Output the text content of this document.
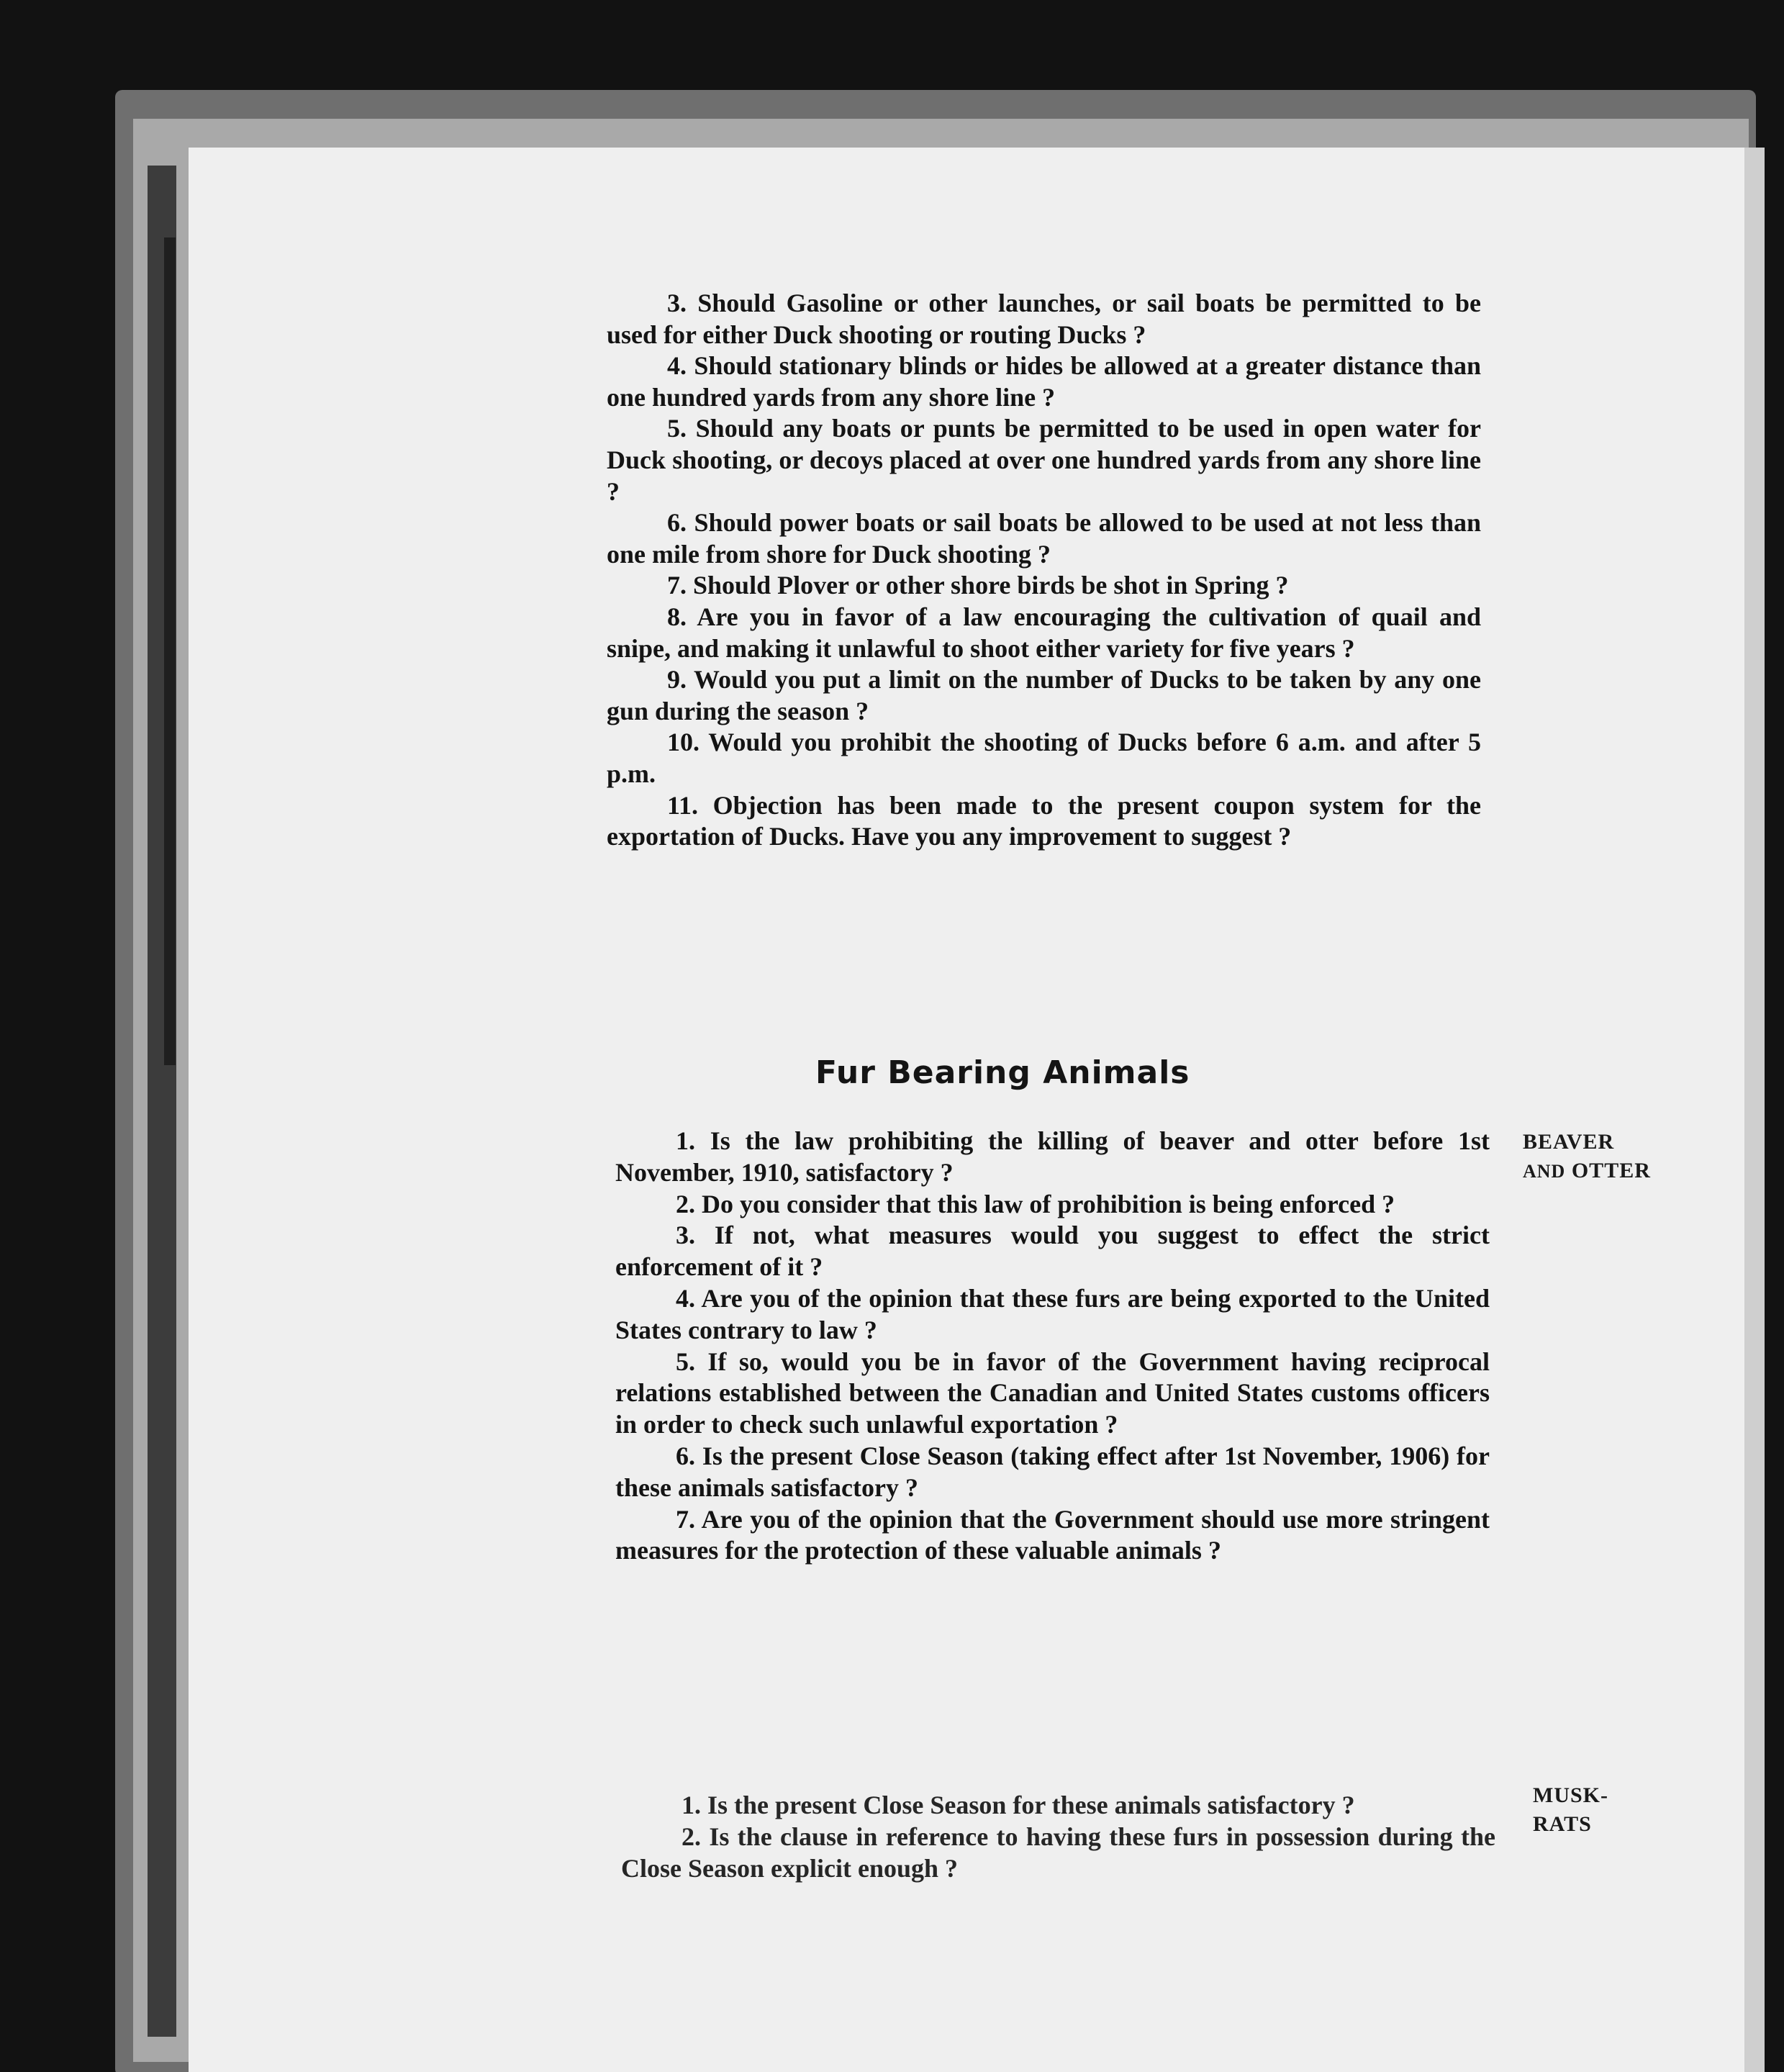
3. Should Gasoline or other launches, or sail boats be permitted to be used for either Duck shooting or routing Ducks ?

4. Should stationary blinds or hides be allowed at a greater distance than one hundred yards from any shore line ?

5. Should any boats or punts be permitted to be used in open water for Duck shooting, or decoys placed at over one hundred yards from any shore line ?

6. Should power boats or sail boats be allowed to be used at not less than one mile from shore for Duck shooting ?

7. Should Plover or other shore birds be shot in Spring ?

8. Are you in favor of a law encouraging the cultivation of quail and snipe, and making it unlawful to shoot either variety for five years ?

9. Would you put a limit on the number of Ducks to be taken by any one gun during the season ?

10. Would you prohibit the shooting of Ducks before 6 a.m. and after 5 p.m.

11. Objection has been made to the present coupon system for the exportation of Ducks. Have you any improvement to suggest ?

Fur Bearing Animals

1. Is the law prohibiting the killing of beaver and otter before 1st November, 1910, satisfactory ?

2. Do you consider that this law of prohibition is being enforced ?

3. If not, what measures would you suggest to effect the strict enforcement of it ?

4. Are you of the opinion that these furs are being exported to the United States contrary to law ?

5. If so, would you be in favor of the Government having reciprocal relations established between the Canadian and United States customs officers in order to check such unlawful exportation ?

6. Is the present Close Season (taking effect after 1st November, 1906) for these animals satisfactory ?

7. Are you of the opinion that the Government should use more stringent measures for the protection of these valuable animals ?

BEAVER
AND OTTER

1. Is the present Close Season for these animals satisfactory ?

2. Is the clause in reference to having these furs in possession during the Close Season explicit enough ?

MUSK-
RATS
